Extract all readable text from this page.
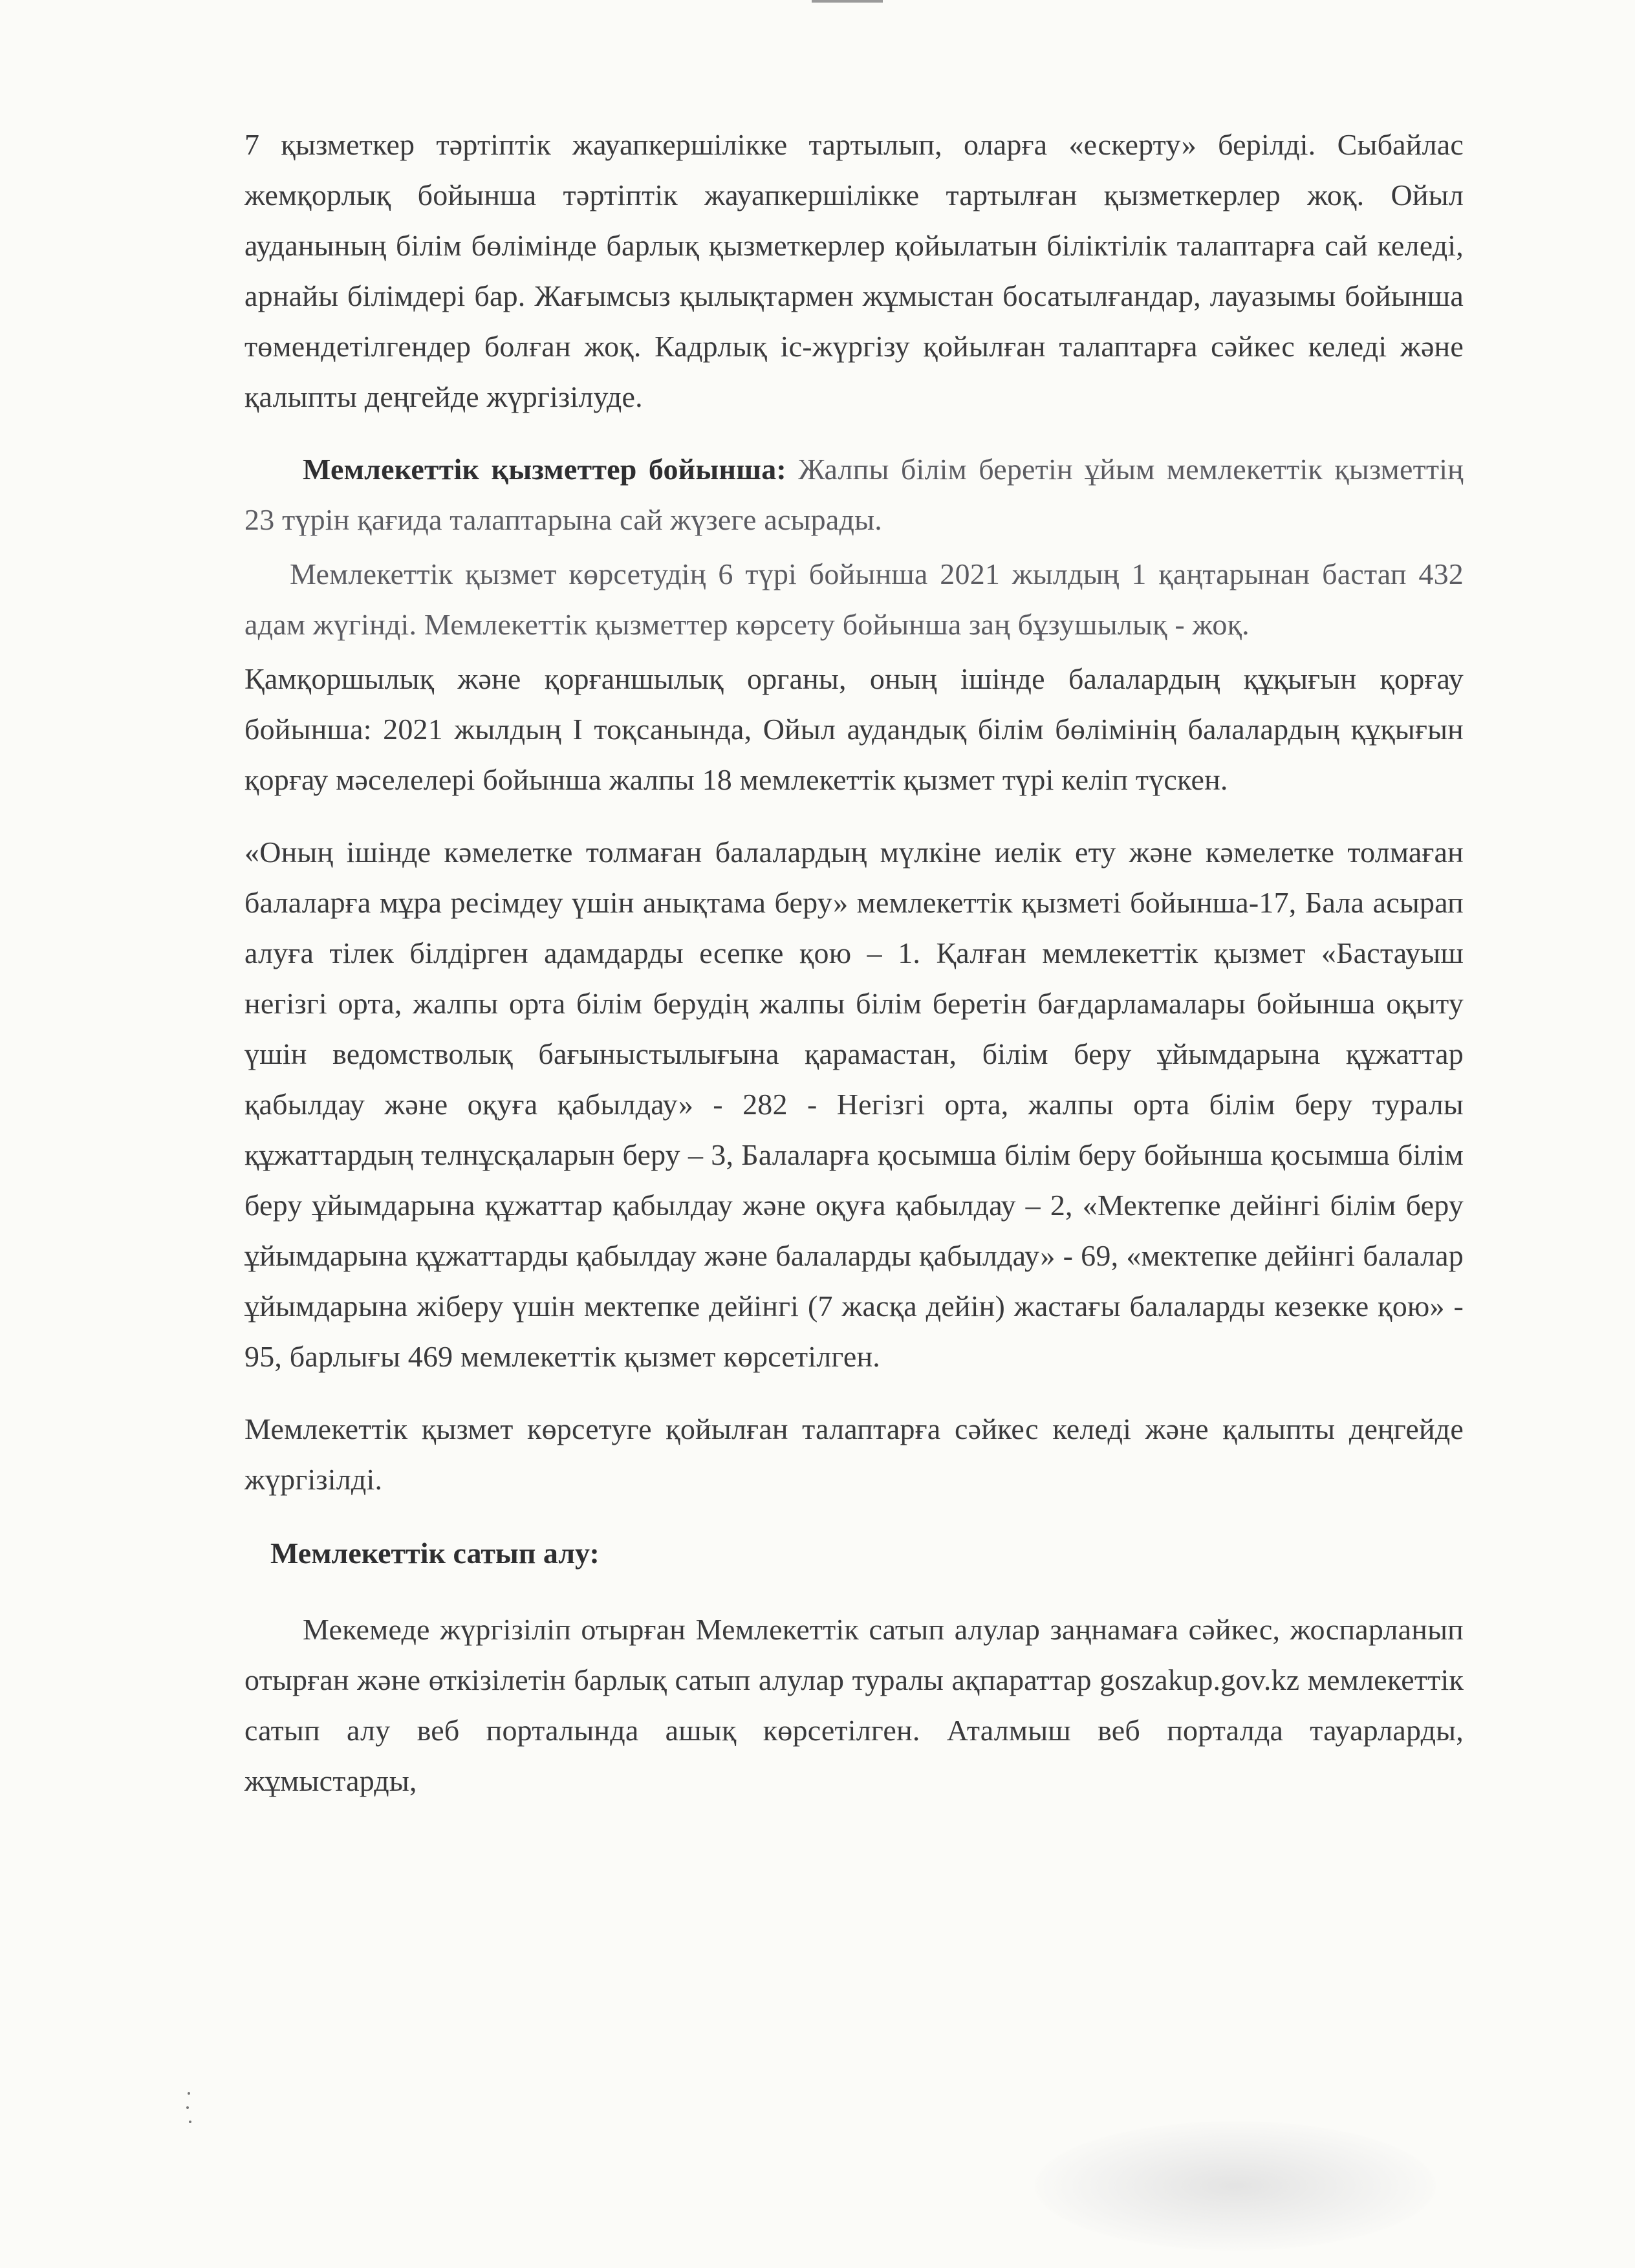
7 қызметкер тәртіптік жауапкершілікке тартылып, оларға «ескерту» берілді. Сыбайлас жемқорлық бойынша тәртіптік жауапкершілікке тартылған қызметкерлер жоқ. Ойыл ауданының білім бөлімінде барлық қызметкерлер қойылатын біліктілік талаптарға сай келеді, арнайы білімдері бар. Жағымсыз қылықтармен жұмыстан босатылғандар, лауазымы бойынша төмендетілгендер болған жоқ. Кадрлық іс-жүргізу қойылған талаптарға сәйкес келеді және қалыпты деңгейде жүргізілуде.

Мемлекеттік қызметтер бойынша: Жалпы білім беретін ұйым мемлекеттік қызметтің 23 түрін қағида талаптарына сай жүзеге асырады.

Мемлекеттік қызмет көрсетудің 6 түрі бойынша 2021 жылдың 1 қаңтарынан бастап 432 адам жүгінді. Мемлекеттік қызметтер көрсету бойынша заң бұзушылық - жоқ.

Қамқоршылық және қорғаншылық органы, оның ішінде балалардың құқығын қорғау бойынша: 2021 жылдың I тоқсанында, Ойыл аудандық білім бөлімінің балалардың құқығын қорғау мәселелері бойынша жалпы 18 мемлекеттік қызмет түрі келіп түскен.

«Оның ішінде кәмелетке толмаған балалардың мүлкіне иелік ету және кәмелетке толмаған балаларға мұра ресімдеу үшін анықтама беру» мемлекеттік қызметі бойынша-17, Бала асырап алуға тілек білдірген адамдарды есепке қою – 1. Қалған мемлекеттік қызмет «Бастауыш негізгі орта, жалпы орта білім берудің жалпы білім беретін бағдарламалары бойынша оқыту үшін ведомстволық бағыныстылығына қарамастан, білім беру ұйымдарына құжаттар қабылдау және оқуға қабылдау» - 282 - Негізгі орта, жалпы орта білім беру туралы құжаттардың телнұсқаларын беру – 3, Балаларға қосымша білім беру бойынша қосымша білім беру ұйымдарына құжаттар қабылдау және оқуға қабылдау – 2, «Мектепке дейінгі білім беру ұйымдарына құжаттарды қабылдау және балаларды қабылдау» - 69, «мектепке дейінгі балалар ұйымдарына жіберу үшін мектепке дейінгі (7 жасқа дейін) жастағы балаларды кезекке қою» - 95, барлығы 469 мемлекеттік қызмет көрсетілген.

Мемлекеттік қызмет көрсетуге қойылған талаптарға сәйкес келеді және қалыпты деңгейде жүргізілді.

Мемлекеттік сатып алу:

Мекемеде жүргізіліп отырған Мемлекеттік сатып алулар заңнамаға сәйкес, жоспарланып отырған және өткізілетін барлық сатып алулар туралы ақпараттар goszakup.gov.kz мемлекеттік сатып алу веб порталында ашық көрсетілген. Аталмыш веб порталда тауарларды, жұмыстарды,
